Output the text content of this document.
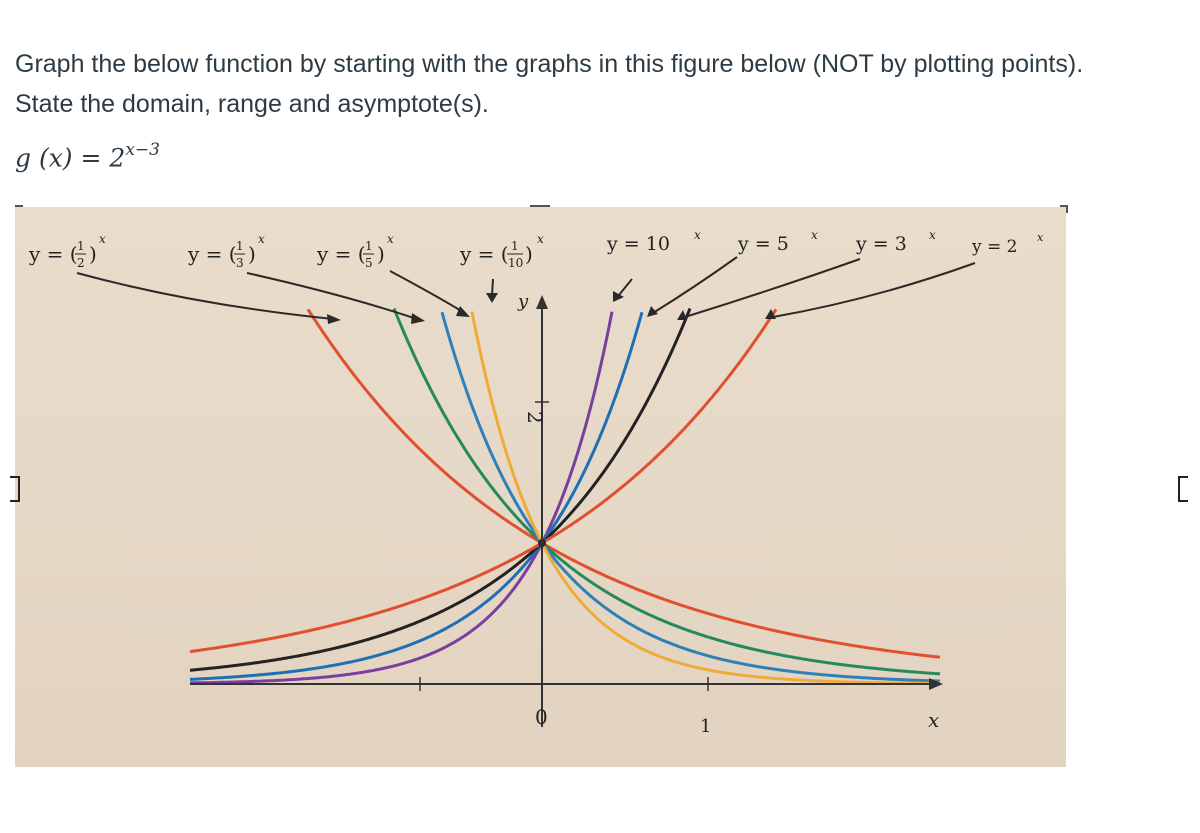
Graph the below function by starting with the graphs in this figure below (NOT by plotting points).

State the domain, range and asymptote(s).

g $(x) = 2^{x-3}$
0	1
2
x
y
y = ( 1
2 )
x
y = ( 1
3 )
x
y = ( 1
5 )
x
y = ( 1
10 )
x	y = 10 x y = 5 x y = 3 x
y = 2 x
